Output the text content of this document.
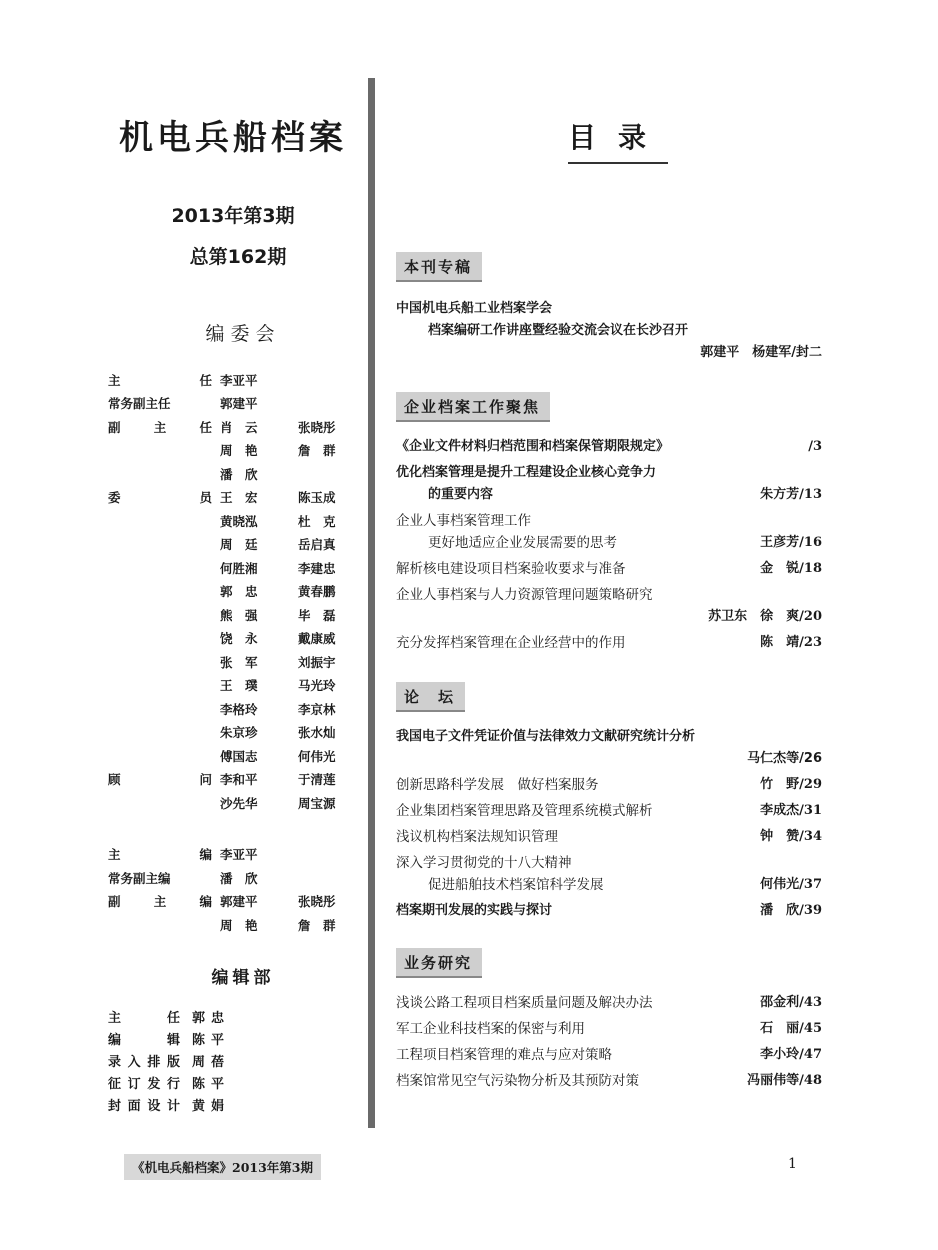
机电兵船档案
2013年第3期
总第162期
编委会
主	任 李亚平
常务副主任	郭建平
副	主	任 肖　云	张晓彤
周　艳	詹　群
潘　欣
委	员 王　宏	陈玉成
黄晓泓	杜　克
周　廷	岳启真
何胜湘	李建忠
郭　忠	黄春鹏
熊　强	毕　磊
饶　永	戴康威
张　军	刘振宇
王　璞	马光玲
李格玲	李京林
朱京珍	张水灿
傅国志	何伟光
顾	问 李和平	于清莲
沙先华	周宝源
主	编 李亚平
常务副主编	潘　欣
副	主	编 郭建平	张晓彤
周　艳	詹　群
编辑部
主	任 郭忠
编	辑 陈平
录 入 排 版 周蓓
征 订 发 行 陈平
封 面 设 计 黄娟
目录
本刊专稿
中国机电兵船工业档案学会
档案编研工作讲座暨经验交流会议在长沙召开
郭建平　杨建军/封二
企业档案工作聚焦
《企业文件材料归档范围和档案保管期限规定》	/3
优化档案管理是提升工程建设企业核心竞争力
的重要内容	朱方芳/13
企业人事档案管理工作
更好地适应企业发展需要的思考	王彦芳/16
解析核电建设项目档案验收要求与准备	金　锐/18
企业人事档案与人力资源管理问题策略研究
苏卫东　徐　爽/20
充分发挥档案管理在企业经营中的作用	陈　靖/23
论　坛
我国电子文件凭证价值与法律效力文献研究统计分析
马仁杰等/26
创新思路科学发展　做好档案服务	竹　野/29
企业集团档案管理思路及管理系统模式解析	李成杰/31
浅议机构档案法规知识管理	钟　赞/34
深入学习贯彻党的十八大精神
促进船舶技术档案馆科学发展	何伟光/37
档案期刊发展的实践与探讨	潘　欣/39
业务研究
浅谈公路工程项目档案质量问题及解决办法	邵金利/43
军工企业科技档案的保密与利用	石　丽/45
工程项目档案管理的难点与应对策略	李小玲/47
档案馆常见空气污染物分析及其预防对策	冯丽伟等/48
《机电兵船档案》2013年第3期	1
